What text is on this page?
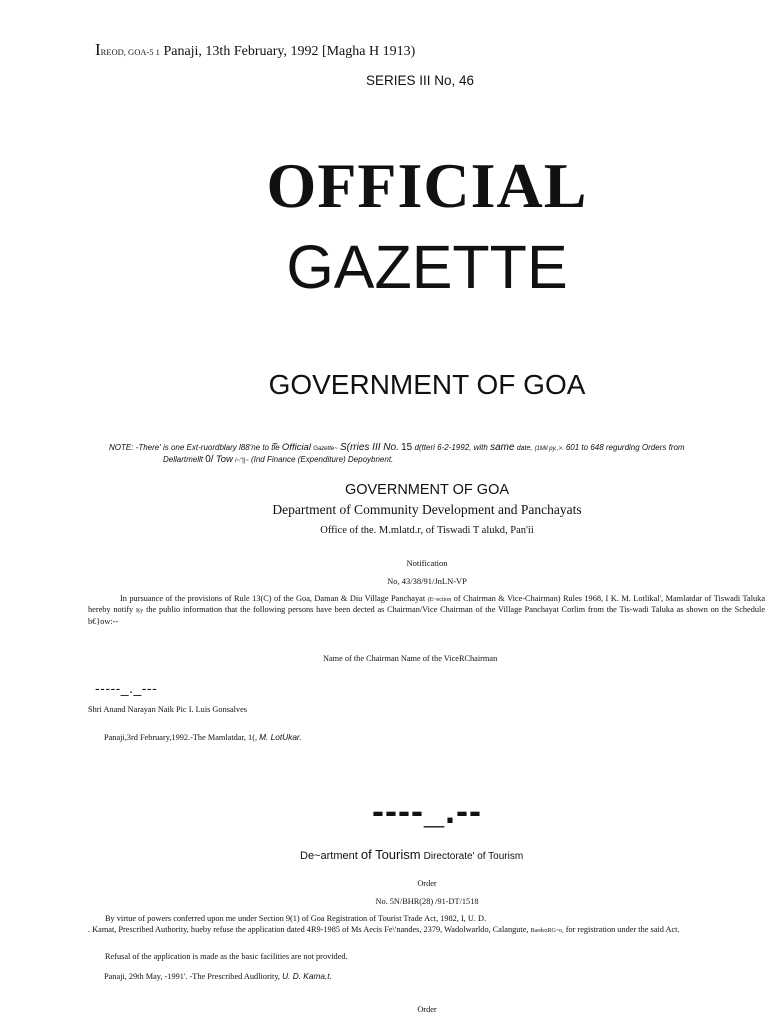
IREOD, GOA-5 1 Panaji, 13th February, 1992 [Magha H 1913)
SERIES III No, 46
OFFICIAL
GAZETTE
GOVERNMENT OF GOA
NOTE: -There' is one Ext-ruordblary l88'ne to tl̅e Official Gazette~ S(rries III No. 15 d(tteri 6-2-1992, with same date, (1Mil py.,>. 601 to 648 regurding Orders from
Dellartmellt 0/ Tow i~"||~ (Ind Finance (Expenditure) Depoybnent.
GOVERNMENT OF GOA
Department of Community Development and Panchayats
Office of the. M.mlatd.r, of Tiswadi T alukd, Pan'ii
Notification
No, 43/38/91/JnLN-VP
In pursuance of the provisions of Rule 13(C) of the Goa, Daman & Diu Village Panchayat (E~ection of Chairman & Vice-Chairman) Rules 1968, I K. M. Lotlikal', Mamlatdar of Tiswadi Taluka hereby notify Ḵy the publio information that the following persons have been dected as Chairman/Vice Chairman of the Village Panchayat Corlim from the Tis-wadi Taluka as shown on the Schedule b€}ow:--
Name of the Chairman Name of the ViceRChairman
-----_._---
Shri Anand Narayan Naik Pic I. Luis Gonsalves
Panaji,3rd February,1992.-The Mamlatdar, 1(, M. LotUkar.
----_.--
De~artment of Tourism Directorate' of Tourism
Order
No. 5N/BHR(28) /91-DT/1518
By virtue of powers conferred upon me under Section 9(1) of Goa Registration of Tourist Trade Act, 1982, I, U. D.
. Kamat, Prescribed Authority, hueby refuse the application dated 4R9-1985 of Ms Aecis Fe\'nandes, 2379, Wadolwarldo, Calangute, BardezRG~o, for registration under the said Act.
Refusal of the application is made as the basic facilities are not provided.
Panaji, 29th May, -1991'. -The Prescribed Audliority, U. D. Kama,t.
Order
